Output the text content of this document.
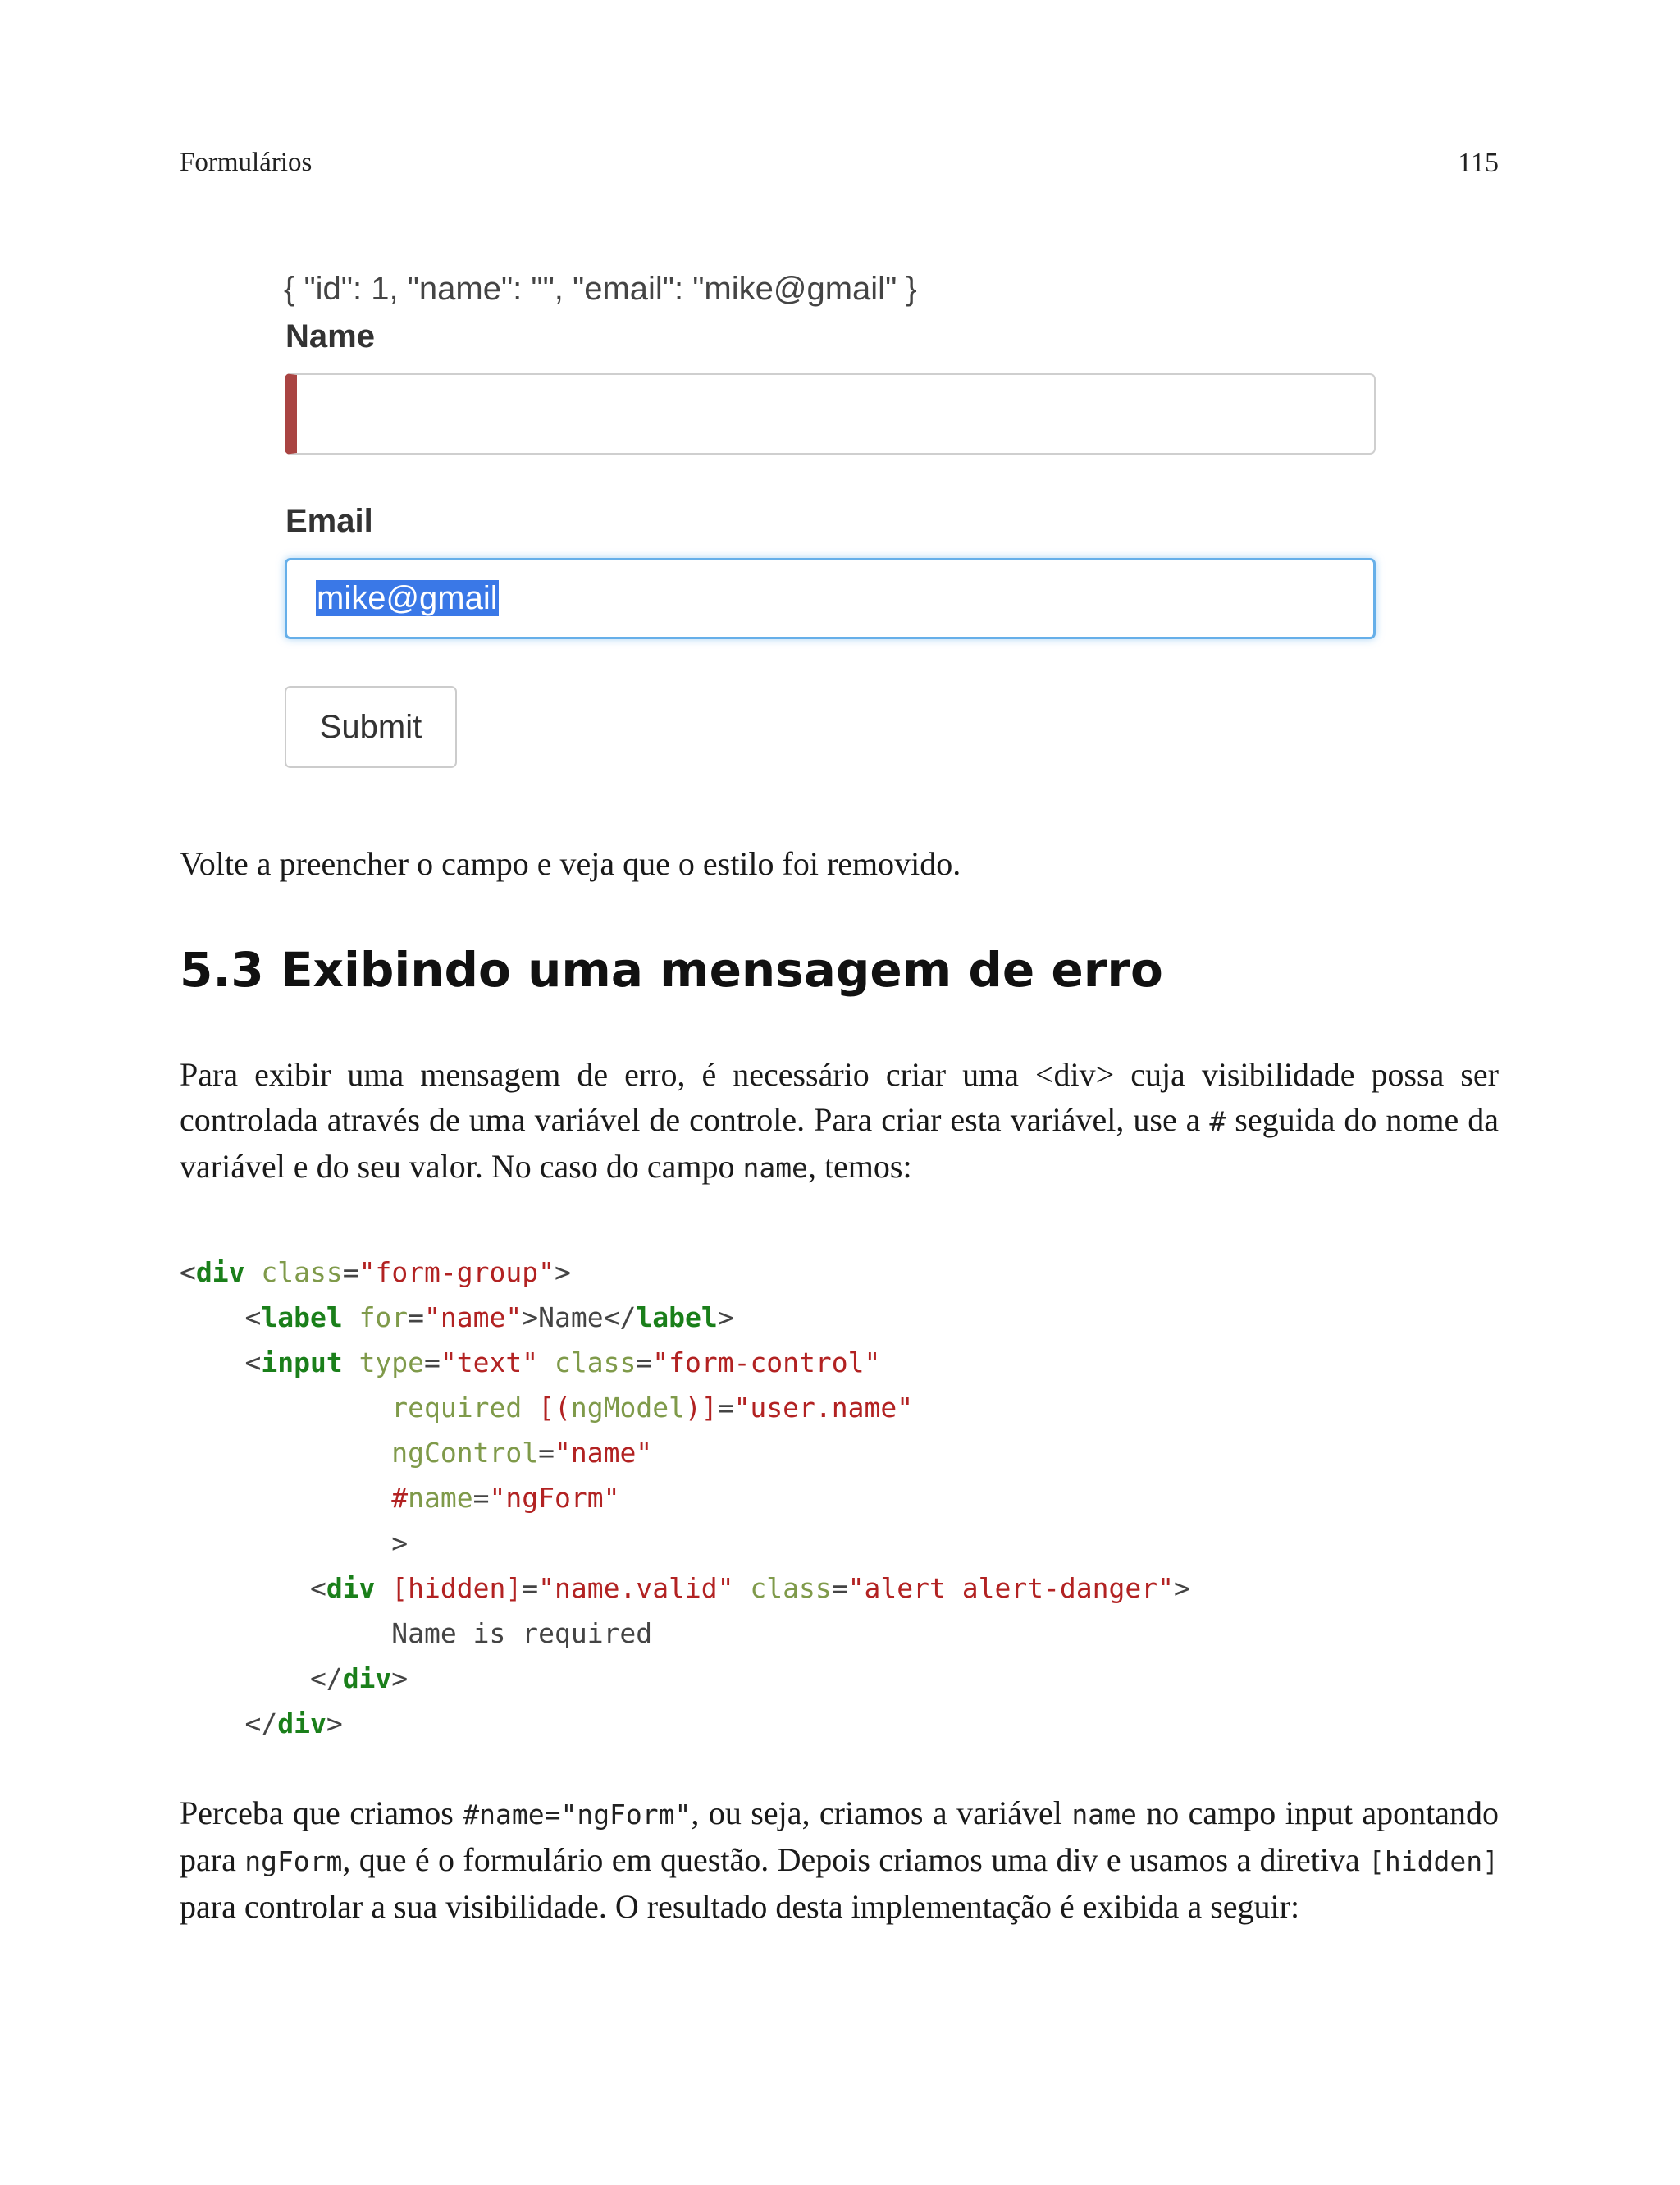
Formulários	115
{ "id": 1, "name": "", "email": "mike@gmail" }
Name
Email
mike@gmail
Submit
Volte a preencher o campo e veja que o estilo foi removido.
5.3 Exibindo uma mensagem de erro
Para exibir uma mensagem de erro, é necessário criar uma <div> cuja visibilidade possa ser controlada através de uma variável de controle. Para criar esta variável, use a # seguida do nome da variável e do seu valor. No caso do campo name, temos:
<div class="form-group">
<label for="name">Name</label>
<input type="text" class="form-control"
required [(ngModel)]="user.name"
ngControl="name"
#name="ngForm"
>
<div [hidden]="name.valid" class="alert alert-danger">
Name is required
</div>
</div>
Perceba que criamos #name="ngForm", ou seja, criamos a variável name no campo input apontando para ngForm, que é o formulário em questão. Depois criamos uma div e usamos a diretiva [hidden] para controlar a sua visibilidade. O resultado desta implementação é exibida a seguir:
